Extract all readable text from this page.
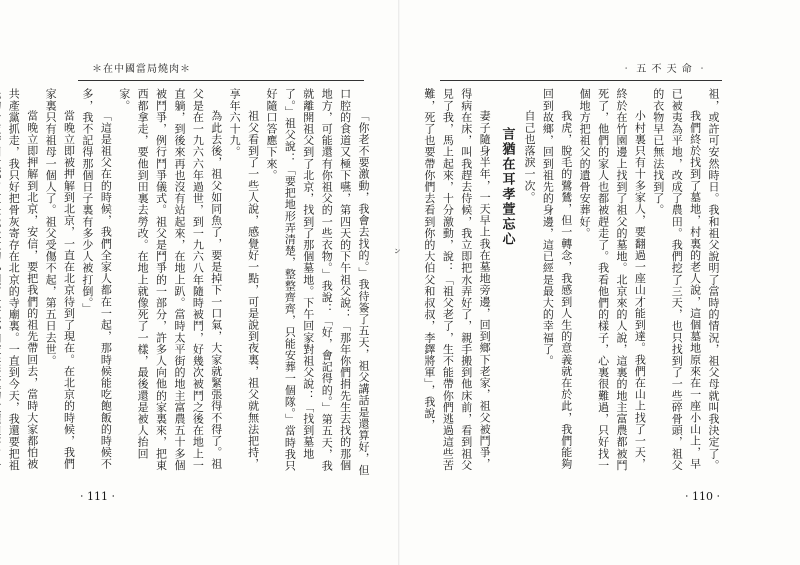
＊在中國當局燒肉＊

「你老不要激動，我會去找的。」我待簽了五天，祖父講話是還算好，但口腔的食道又極下嚥，第四天的下午祖父說：「那年你們捐先生去找的那個地方，可能還有你祖父的一些衣物。」我說：「好，會記得的。」第五天，我就離開祖父到了北京，找到了那個墓地。下午回家對祖父說：「找到墓地了。」祖父說：「要把地形弄清楚，整整齊齊，只能安葬一個隊。」當時我只好隨口答應下來。

祖父看到了一些人說，感覺好一點，可是說到夜裏，祖父就無法把持，享年六十九。

為此去後，祖父如同魚了，要是掉下一口氣，大家就緊張得不得了。祖父是在一九六六年過世，到一九六八年隨時被鬥，好幾次被鬥之後在地上一直躺，到後來再也沒有站起來，在地上趴。當時太平街的地主富農五十多個被鬥爭，例行鬥爭儀式。祖父是鬥爭的一部分，許多人向他的家裏來，把東西都拿走，要他到田裏去勞改。在地上就像死了一樣，最後還是被人抬回家。

「這是祖父在的時候，我們全家人都在一起，那時候能吃飽飯的時候不多，我不記得那個日子裏有多少人被打倒。」

當晚立即被押解到北京，一直在北京待到了現在。在北京的時候，我們家裏只有祖母一個人了。祖父受傷不起，第五日去世。

當晚立即押解到北京，安信，要把我們的祖先帶回去，當時大家都怕被共產黨抓走，我只好把骨灰寄存在北京的寺廟裏。一直到今天，我還要把祖

‧ 111 ‧
‧ 五 不 天 命 ‧

祖，或許可安然時日。我和祖父說明了當時的情況，祖父母就叫我決定了。

我們終於找到了墓地，村裏的老人說，這個墓地原來在一座小山上，早已被夷為平地，改成了農田。我們挖了三天，也只找到了一些碎骨頭，祖父的衣物早已無法找到了。

小村裏只有十多家人，要翻過一座山才能到達。我們在山上找了一天，終於在竹園邊上找到了祖父的墓地。北京來的人說，這裏的地主富農都被鬥死了，他們的家人也都被趕走了。我看他們的樣子，心裏很難過，只好找一個地方把祖父的遺骨安葬好。

我虎，脫毛的鷺鷥，但一轉念，我感到人生的意義就在於此，我們能夠回到故鄉，回到祖先的身邊，這已經是最大的幸福了。

自己也落淚一次。

言猶在耳孝萱忘心

妻子隨身半年，一天早上我在墓地旁邊，回到鄉下老家，祖父被鬥爭，得病在床，叫我趕去侍候，我立即把水弄好了，親手搬到他床前，看到祖父見了我，馬上起來，十分激動，說：「祖父老了，生不能帶你們逃過這些苦難，死了也要帶你們去看到你的大伯父和叔叔，李鐸將軍」，我說，

‧ 110 ‧
